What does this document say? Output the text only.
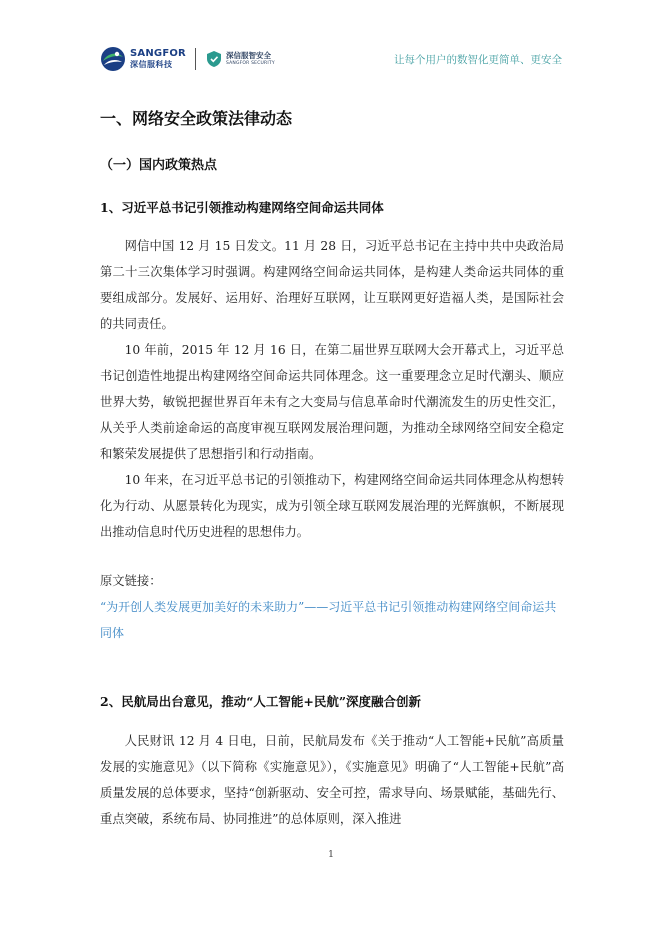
SANGFOR
深信服科技
深信服智安全
SANGFOR SECURITY	让每个用户的数智化更简单、更安全
一、网络安全政策法律动态
（一）国内政策热点
1、习近平总书记引领推动构建网络空间命运共同体
网信中国 12 月 15 日发文。11 月 28 日，习近平总书记在主持中共中央政治局第二十三次集体学习时强调。构建网络空间命运共同体，是构建人类命运共同体的重要组成部分。发展好、运用好、治理好互联网，让互联网更好造福人类，是国际社会的共同责任。
10 年前，2015 年 12 月 16 日，在第二届世界互联网大会开幕式上，习近平总书记创造性地提出构建网络空间命运共同体理念。这一重要理念立足时代潮头、顺应世界大势，敏锐把握世界百年未有之大变局与信息革命时代潮流发生的历史性交汇，从关乎人类前途命运的高度审视互联网发展治理问题，为推动全球网络空间安全稳定和繁荣发展提供了思想指引和行动指南。
10 年来，在习近平总书记的引领推动下，构建网络空间命运共同体理念从构想转化为行动、从愿景转化为现实，成为引领全球互联网发展治理的光辉旗帜，不断展现出推动信息时代历史进程的思想伟力。
原文链接：
“为开创人类发展更加美好的未来助力”——习近平总书记引领推动构建网络空间命运共同体
2、民航局出台意见，推动“人工智能+民航”深度融合创新
人民财讯 12 月 4 日电，日前，民航局发布《关于推动“人工智能+民航”高质量发展的实施意见》（以下简称《实施意见》），《实施意见》明确了“人工智能+民航”高质量发展的总体要求，坚持“创新驱动、安全可控，需求导向、场景赋能，基础先行、重点突破，系统布局、协同推进”的总体原则，深入推进
1
